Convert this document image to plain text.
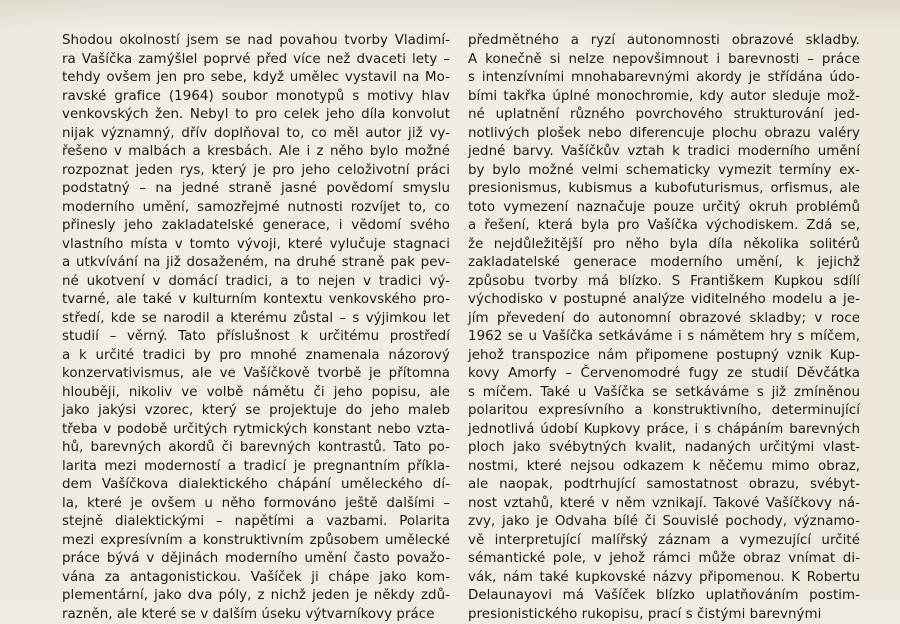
Shodou okolností jsem se nad povahou tvorby Vladimí-
ra Vašíčka zamýšlel poprvé před více než dvaceti lety –
tehdy ovšem jen pro sebe, když umělec vystavil na Mo-
ravské grafice (1964) soubor monotypů s motivy hlav
venkovských žen. Nebyl to pro celek jeho díla konvolut
nijak významný, dřív doplňoval to, co měl autor již vy-
řešeno v malbách a kresbách. Ale i z něho bylo možné
rozpoznat jeden rys, který je pro jeho celoživotní práci
podstatný – na jedné straně jasné povědomí smyslu
moderního umění, samozřejmé nutnosti rozvíjet to, co
přinesly jeho zakladatelské generace, i vědomí svého
vlastního místa v tomto vývoji, které vylučuje stagnaci
a utkvívání na již dosaženém, na druhé straně pak pev-
né ukotvení v domácí tradici, a to nejen v tradici vý-
tvarné, ale také v kulturním kontextu venkovského pro-
středí, kde se narodil a kterému zůstal – s výjimkou let
studií – věrný. Tato příslušnost k určitému prostředí
a k určité tradici by pro mnohé znamenala názorový
konzervativismus, ale ve Vašíčkově tvorbě je přítomna
hlouběji, nikoliv ve volbě námětu či jeho popisu, ale
jako jakýsi vzorec, který se projektuje do jeho maleb
třeba v podobě určitých rytmických konstant nebo vzta-
hů, barevných akordů či barevných kontrastů. Tato po-
larita mezi moderností a tradicí je pregnantním příkla-
dem Vašíčkova dialektického chápání uměleckého dí-
la, které je ovšem u něho formováno ještě dalšími –
stejně dialektickými – napětími a vazbami. Polarita
mezi expresívním a konstruktivním způsobem umělecké
práce bývá v dějinách moderního umění často považo-
vána za antagonistickou. Vašíček ji chápe jako kom-
plementární, jako dva póly, z nichž jeden je někdy zdů-
razněn, ale které se v dalším úseku výtvarníkovy práce
předmětného a ryzí autonomnosti obrazové skladby.
A konečně si nelze nepovšimnout i barevnosti – práce
s intenzívními mnohabarevnými akordy je střídána údo-
bími takřka úplné monochromie, kdy autor sleduje mož-
né uplatnění různého povrchového strukturování jed-
notlivých plošek nebo diferencuje plochu obrazu valéry
jedné barvy. Vašíčkův vztah k tradici moderního umění
by bylo možné velmi schematicky vymezit termíny ex-
presionismus, kubismus a kubofuturismus, orfismus, ale
toto vymezení naznačuje pouze určitý okruh problémů
a řešení, která byla pro Vašíčka východiskem. Zdá se,
že nejdůležitější pro něho byla díla několika solitérů
zakladatelské generace moderního umění, k jejichž
způsobu tvorby má blízko. S Františkem Kupkou sdílí
východisko v postupné analýze viditelného modelu a je-
jím převedení do autonomní obrazové skladby; v roce
1962 se u Vašíčka setkáváme i s námětem hry s míčem,
jehož transpozice nám připomene postupný vznik Kup-
kovy Amorfy – Červenomodré fugy ze studií Děvčátka
s míčem. Také u Vašíčka se setkáváme s již zmíněnou
polaritou expresívního a konstruktivního, determinující
jednotlivá údobí Kupkovy práce, i s chápáním barevných
ploch jako svébytných kvalit, nadaných určitými vlast-
nostmi, které nejsou odkazem k něčemu mimo obraz,
ale naopak, podtrhující samostatnost obrazu, svébyt-
nost vztahů, které v něm vznikají. Takové Vašíčkovy ná-
zvy, jako je Odvaha bílé či Souvislé pochody, významo-
vě interpretující malířský záznam a vymezující určité
sémantické pole, v jehož rámci může obraz vnímat di-
vák, nám také kupkovské názvy připomenou. K Robertu
Delaunayovi má Vašíček blízko uplatňováním postim-
presionistického rukopisu, prací s čistými barevnými
